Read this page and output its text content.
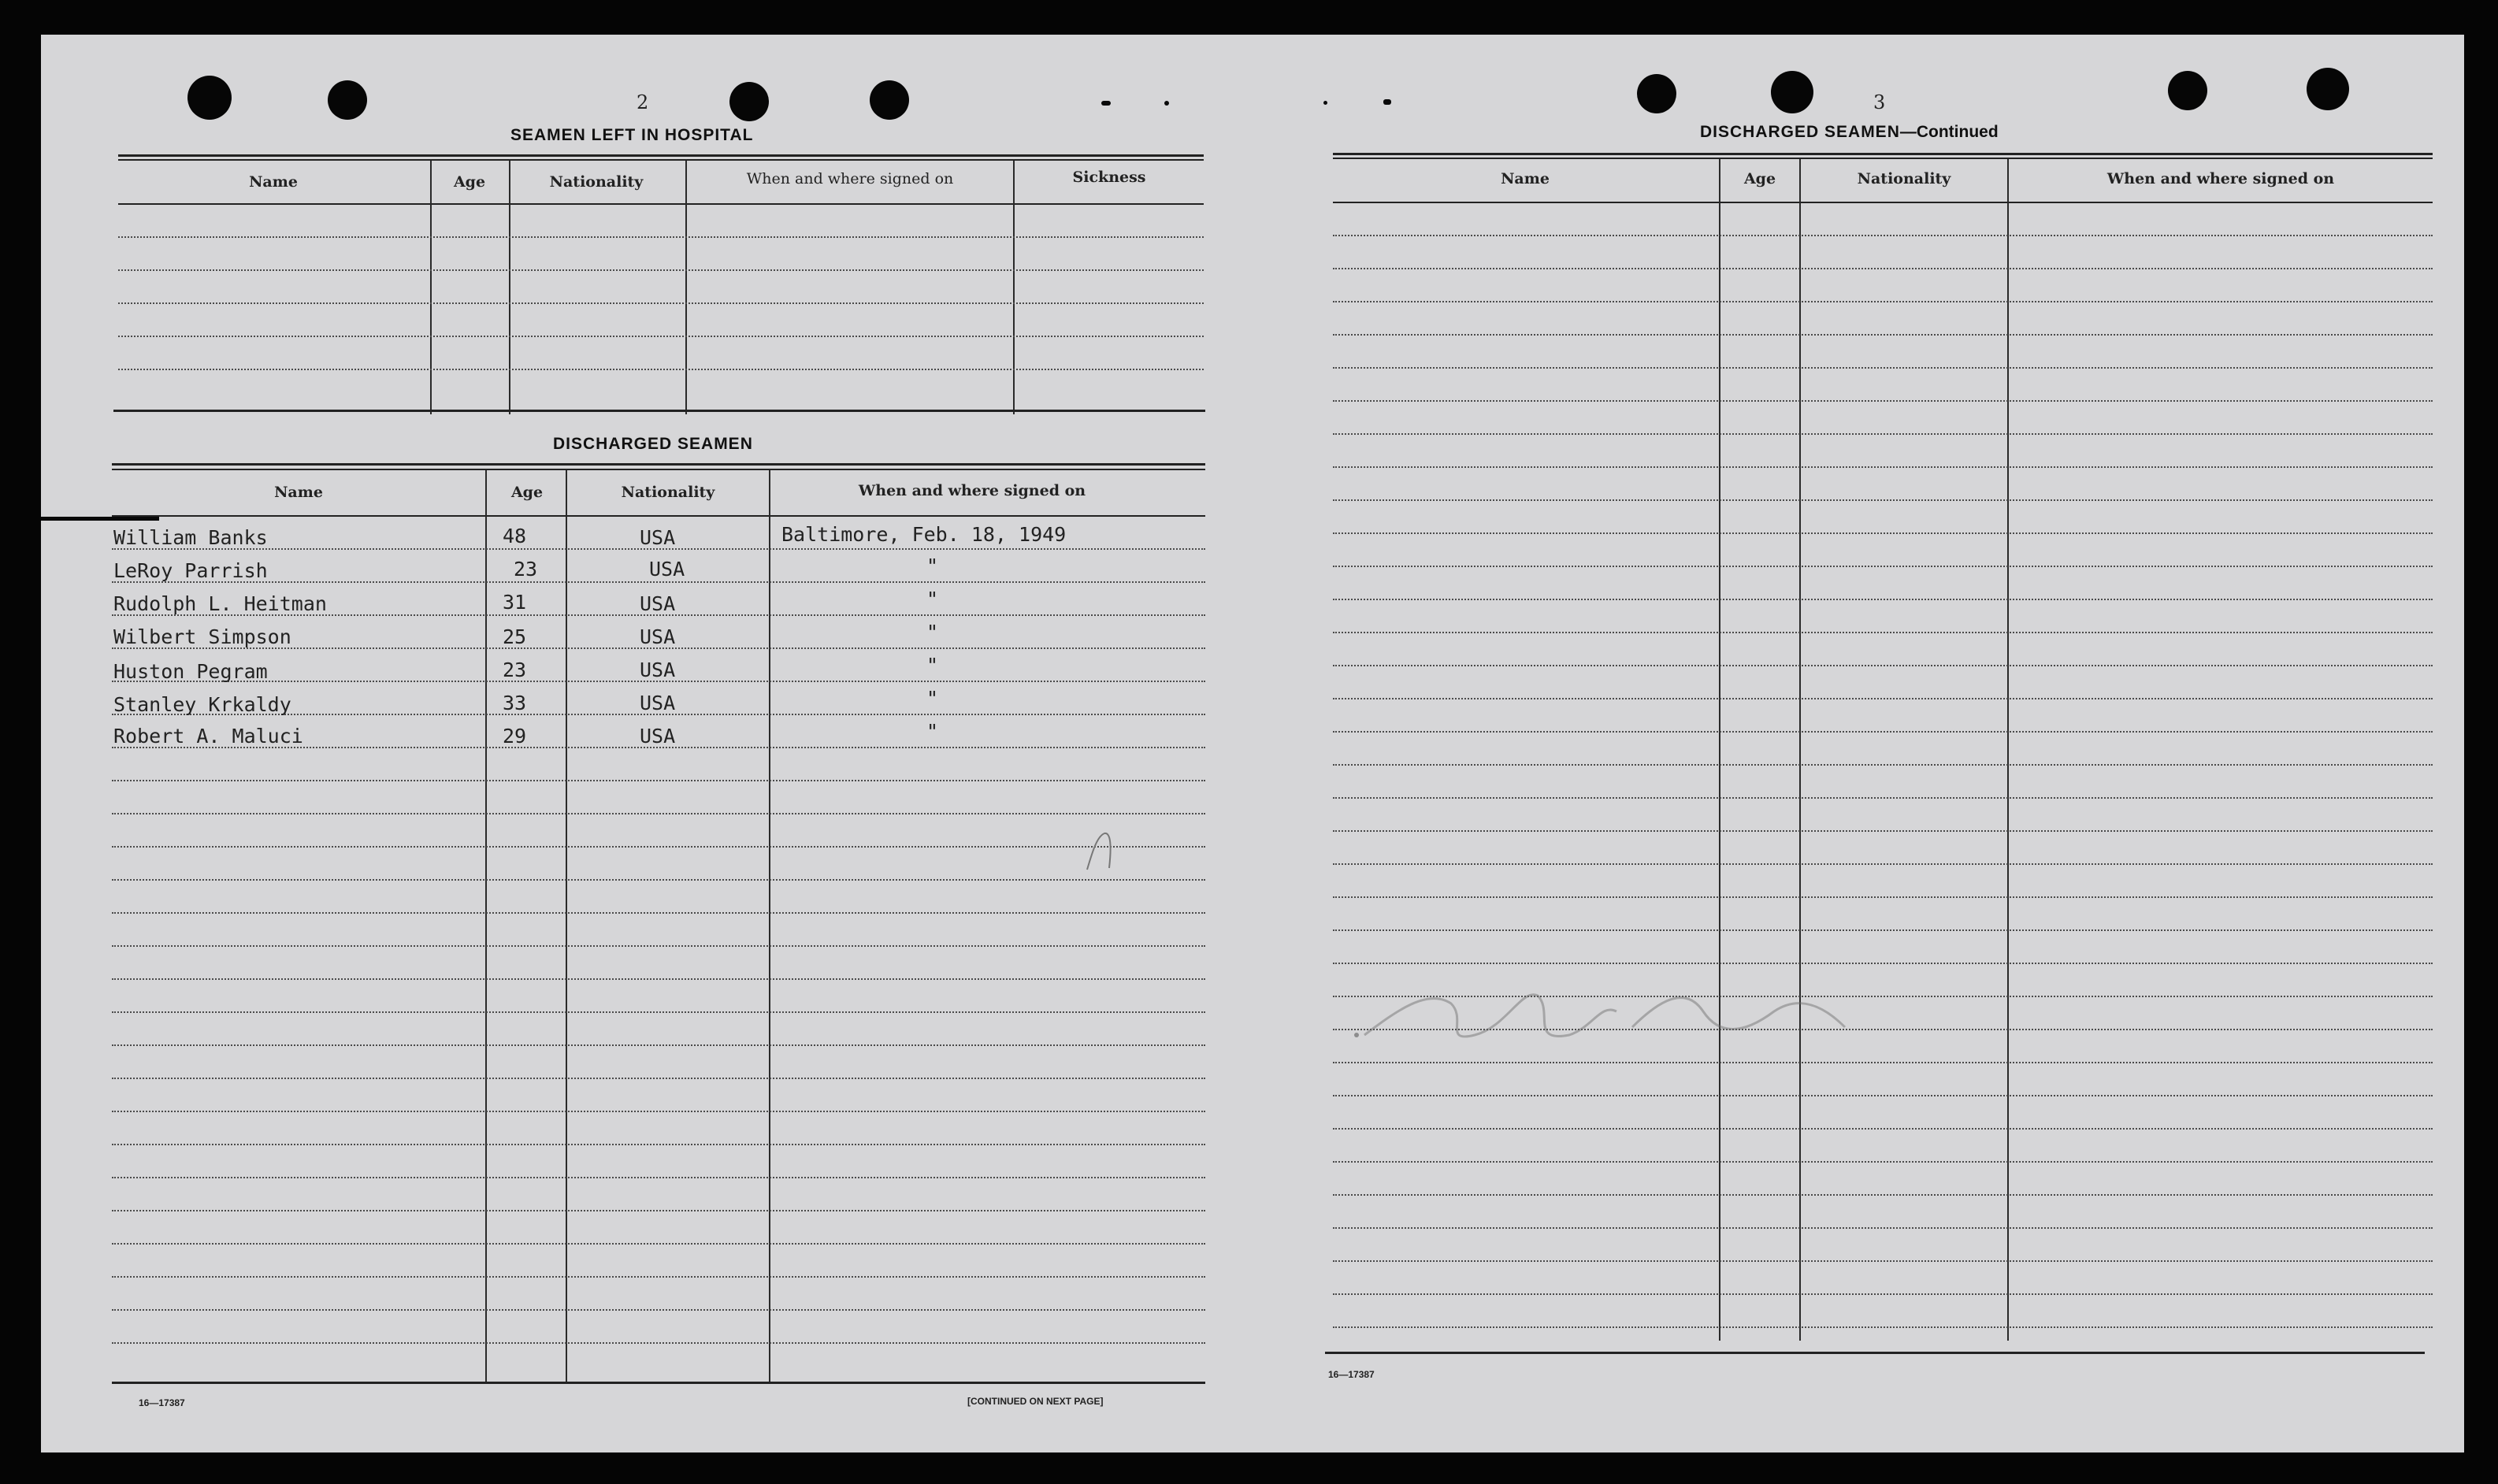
2
SEAMEN LEFT IN HOSPITAL
Name	Age	Nationality	When and where signed on	Sickness
DISCHARGED SEAMEN
Name	Age	Nationality	When and where signed on
William Banks	48	USA	Baltimore, Feb. 18, 1949
LeRoy Parrish	23	USA	"
Rudolph L. Heitman	31	USA	"
Wilbert Simpson	25	USA	"
Huston Pegram	23	USA	"
Stanley Krkaldy	33	USA	"
Robert A. Maluci	29	USA	"
16—17387	[CONTINUED ON NEXT PAGE]
3
DISCHARGED SEAMEN—Continued
Name	Age	Nationality	When and where signed on
16—17387
